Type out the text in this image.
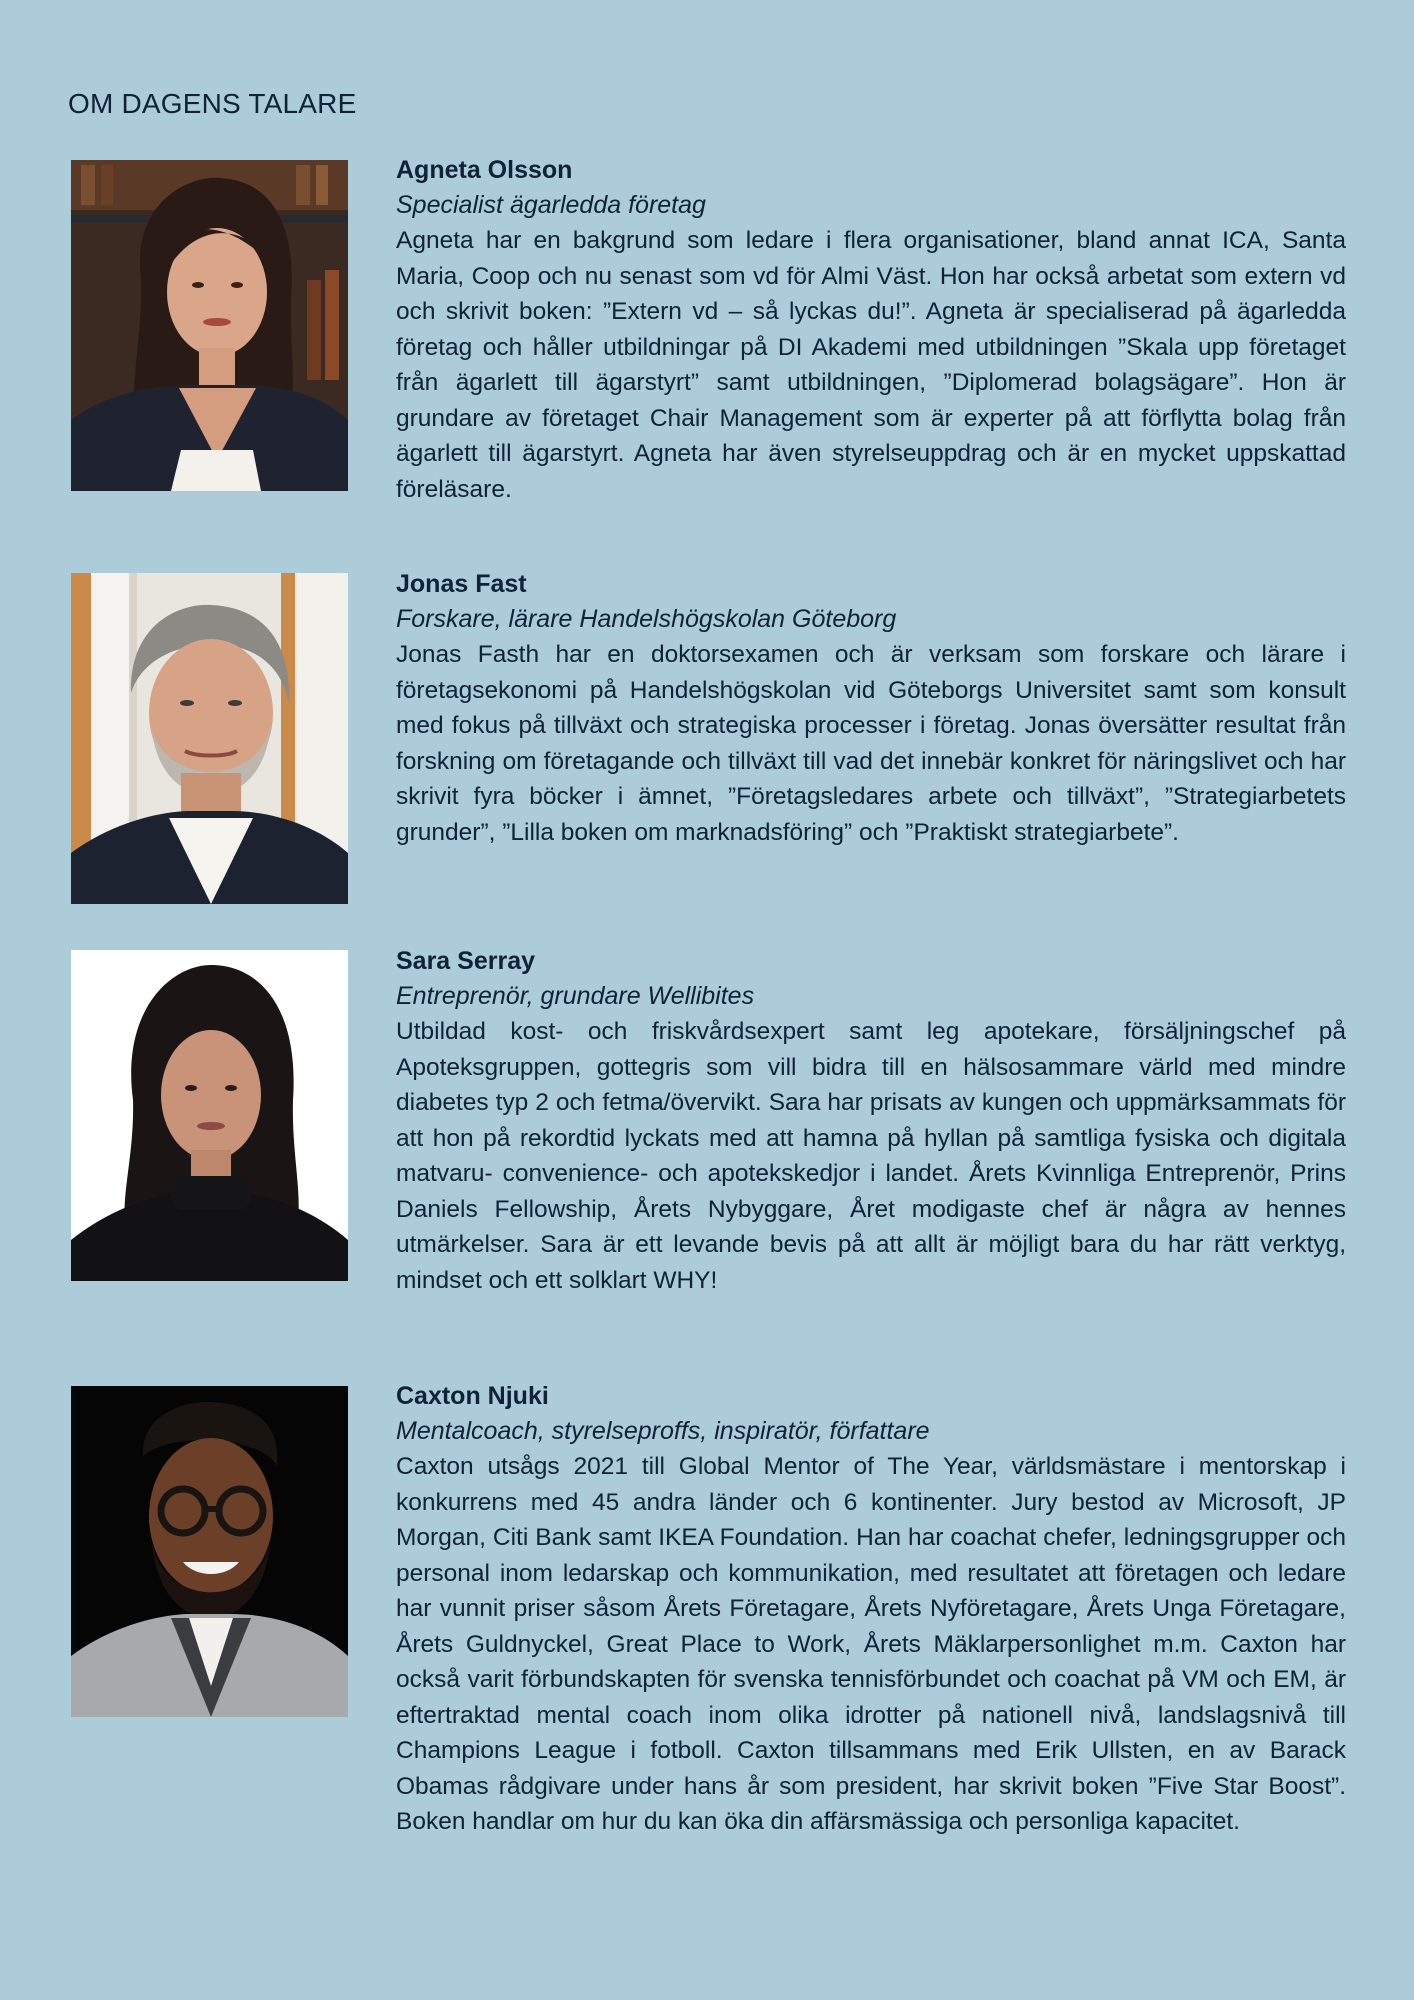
OM DAGENS TALARE
Agneta Olsson

Specialist ägarledda företag

Agneta har en bakgrund som ledare i flera organisationer, bland annat ICA, Santa Maria, Coop och nu senast som vd för Almi Väst. Hon har också arbetat som extern vd och skrivit boken: ”Extern vd – så lyckas du!”. Agneta är specialiserad på ägarledda företag och håller utbildningar på DI Akademi med utbildningen ”Skala upp företaget från ägarlett till ägarstyrt” samt utbildningen, ”Diplomerad bolagsägare”. Hon är grundare av företaget Chair Management som är experter på att förflytta bolag från ägarlett till ägarstyrt. Agneta har även styrelseuppdrag och är en mycket uppskattad föreläsare.

Jonas Fast

Forskare, lärare Handelshögskolan Göteborg

Jonas Fasth har en doktorsexamen och är verksam som forskare och lärare i företagsekonomi på Handelshögskolan vid Göteborgs Universitet samt som konsult med fokus på tillväxt och strategiska processer i företag. Jonas översätter resultat från forskning om företagande och tillväxt till vad det innebär konkret för näringslivet och har skrivit fyra böcker i ämnet, ”Företagsledares arbete och tillväxt”, ”Strategiarbetets grunder”, ”Lilla boken om marknadsföring” och ”Praktiskt strategiarbete”.

Sara Serray

Entreprenör, grundare Wellibites

Utbildad kost- och friskvårdsexpert samt leg apotekare, försäljningschef på Apoteksgruppen, gottegris som vill bidra till en hälsosammare värld med mindre diabetes typ 2 och fetma/övervikt. Sara har prisats av kungen och uppmärksammats för att hon på rekordtid lyckats med att hamna på hyllan på samtliga fysiska och digitala matvaru- convenience- och apotekskedjor i landet. Årets Kvinnliga Entreprenör, Prins Daniels Fellowship, Årets Nybyggare, Året modigaste chef är några av hennes utmärkelser. Sara är ett levande bevis på att allt är möjligt bara du har rätt verktyg, mindset och ett solklart WHY!

Caxton Njuki

Mentalcoach, styrelseproffs, inspiratör, författare

Caxton utsågs 2021 till Global Mentor of The Year, världsmästare i mentorskap i konkurrens med 45 andra länder och 6 kontinenter. Jury bestod av Microsoft, JP Morgan, Citi Bank samt IKEA Foundation. Han har coachat chefer, ledningsgrupper och personal inom ledarskap och kommunikation, med resultatet att företagen och ledare har vunnit priser såsom Årets Företagare, Årets Nyföretagare, Årets Unga Företagare, Årets Guldnyckel, Great Place to Work, Årets Mäklarpersonlighet m.m. Caxton har också varit förbundskapten för svenska tennisförbundet och coachat på VM och EM, är eftertraktad mental coach inom olika idrotter på nationell nivå, landslagsnivå till Champions League i fotboll. Caxton tillsammans med Erik Ullsten, en av Barack Obamas rådgivare under hans år som president, har skrivit boken ”Five Star Boost”. Boken handlar om hur du kan öka din affärsmässiga och personliga kapacitet.
